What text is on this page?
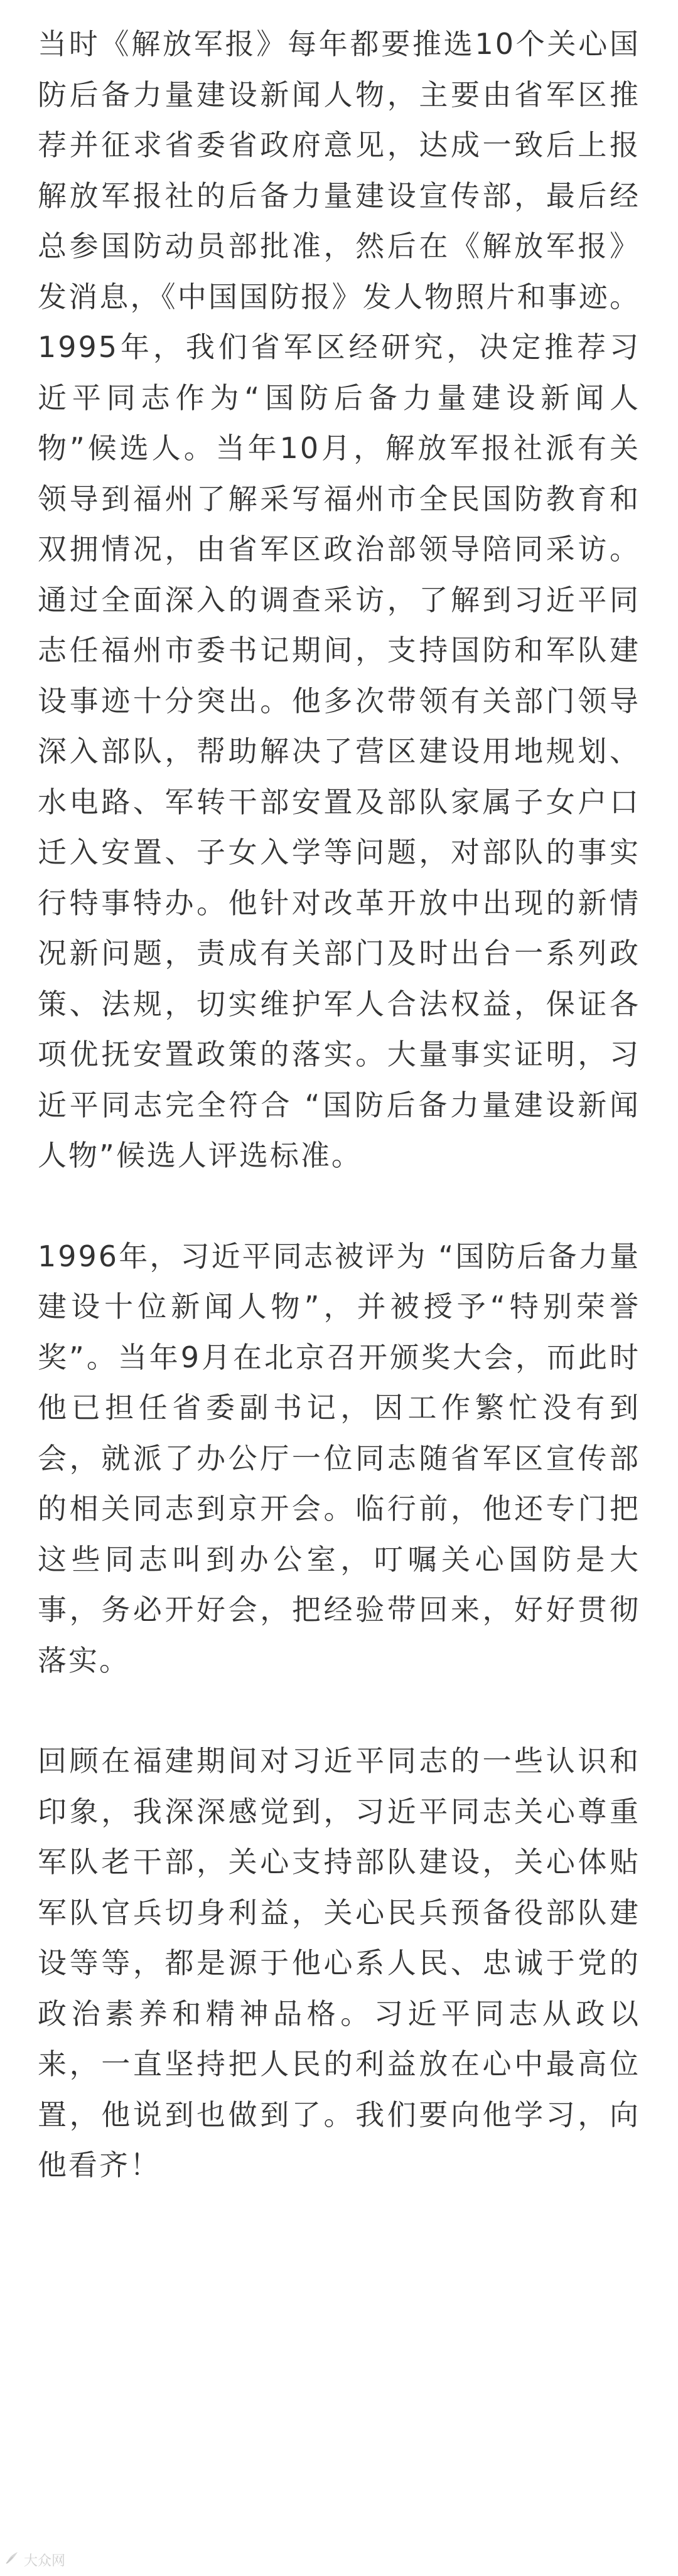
当时《解放军报》每年都要推选10个关心国防后备力量建设新闻人物，主要由省军区推荐并征求省委省政府意见，达成一致后上报解放军报社的后备力量建设宣传部，最后经总参国防动员部批准，然后在《解放军报》发消息，《中国国防报》发人物照片和事迹。1995年，我们省军区经研究，决定推荐习近平同志作为“国防后备力量建设新闻人物”候选人。当年10月，解放军报社派有关领导到福州了解采写福州市全民国防教育和双拥情况，由省军区政治部领导陪同采访。通过全面深入的调查采访，了解到习近平同志任福州市委书记期间，支持国防和军队建设事迹十分突出。他多次带领有关部门领导深入部队，帮助解决了营区建设用地规划、水电路、军转干部安置及部队家属子女户口迁入安置、子女入学等问题，对部队的事实行特事特办。他针对改革开放中出现的新情况新问题，责成有关部门及时出台一系列政策、法规，切实维护军人合法权益，保证各项优抚安置政策的落实。大量事实证明，习近平同志完全符合 “国防后备力量建设新闻人物”候选人评选标准。

1996年，习近平同志被评为 “国防后备力量建设十位新闻人物”，并被授予“特别荣誉奖”。当年9月在北京召开颁奖大会，而此时他已担任省委副书记，因工作繁忙没有到会，就派了办公厅一位同志随省军区宣传部的相关同志到京开会。临行前，他还专门把这些同志叫到办公室，叮嘱关心国防是大事，务必开好会，把经验带回来，好好贯彻落实。

回顾在福建期间对习近平同志的一些认识和印象，我深深感觉到，习近平同志关心尊重军队老干部，关心支持部队建设，关心体贴军队官兵切身利益，关心民兵预备役部队建设等等，都是源于他心系人民、忠诚于党的政治素养和精神品格。习近平同志从政以来，一直坚持把人民的利益放在心中最高位置，他说到也做到了。我们要向他学习，向他看齐！

大众网
